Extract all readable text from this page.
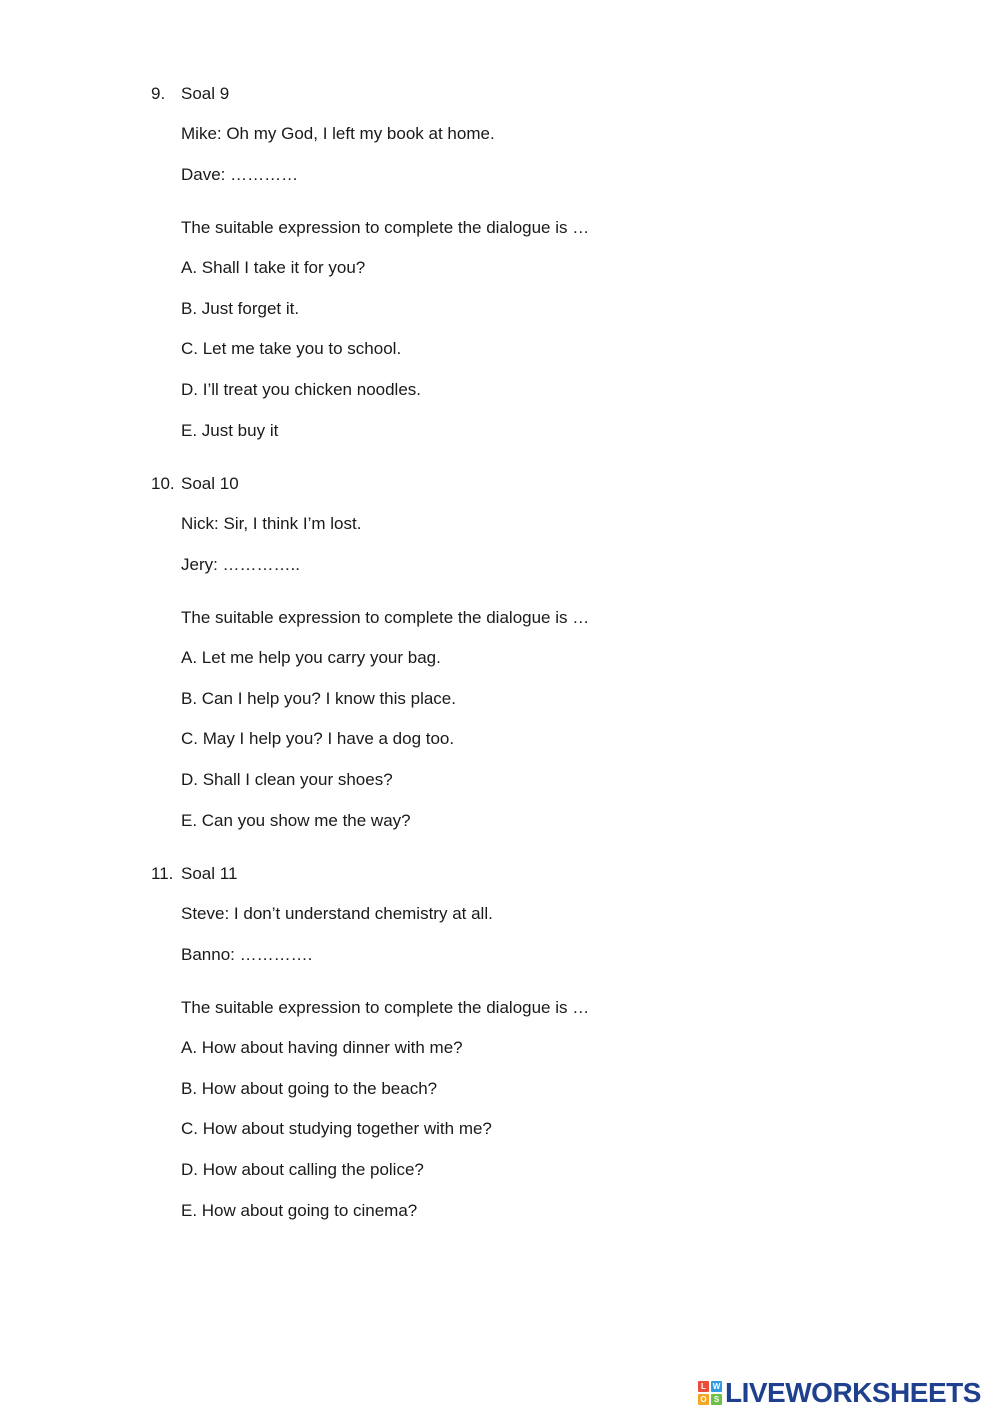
9. Soal 9
Mike: Oh my God, I left my book at home.
Dave: …………
The suitable expression to complete the dialogue is …
A. Shall I take it for you?
B. Just forget it.
C. Let me take you to school.
D. I’ll treat you chicken noodles.
E. Just buy it
10. Soal 10
Nick: Sir, I think I’m lost.
Jery: …………..
The suitable expression to complete the dialogue is …
A. Let me help you carry your bag.
B. Can I help you? I know this place.
C. May I help you? I have a dog too.
D. Shall I clean your shoes?
E. Can you show me the way?
11. Soal 11
Steve: I don’t understand chemistry at all.
Banno: ………….
The suitable expression to complete the dialogue is …
A. How about having dinner with me?
B. How about going to the beach?
C. How about studying together with me?
D. How about calling the police?
E. How about going to cinema?
L W
O S LIVEWORKSHEETS
